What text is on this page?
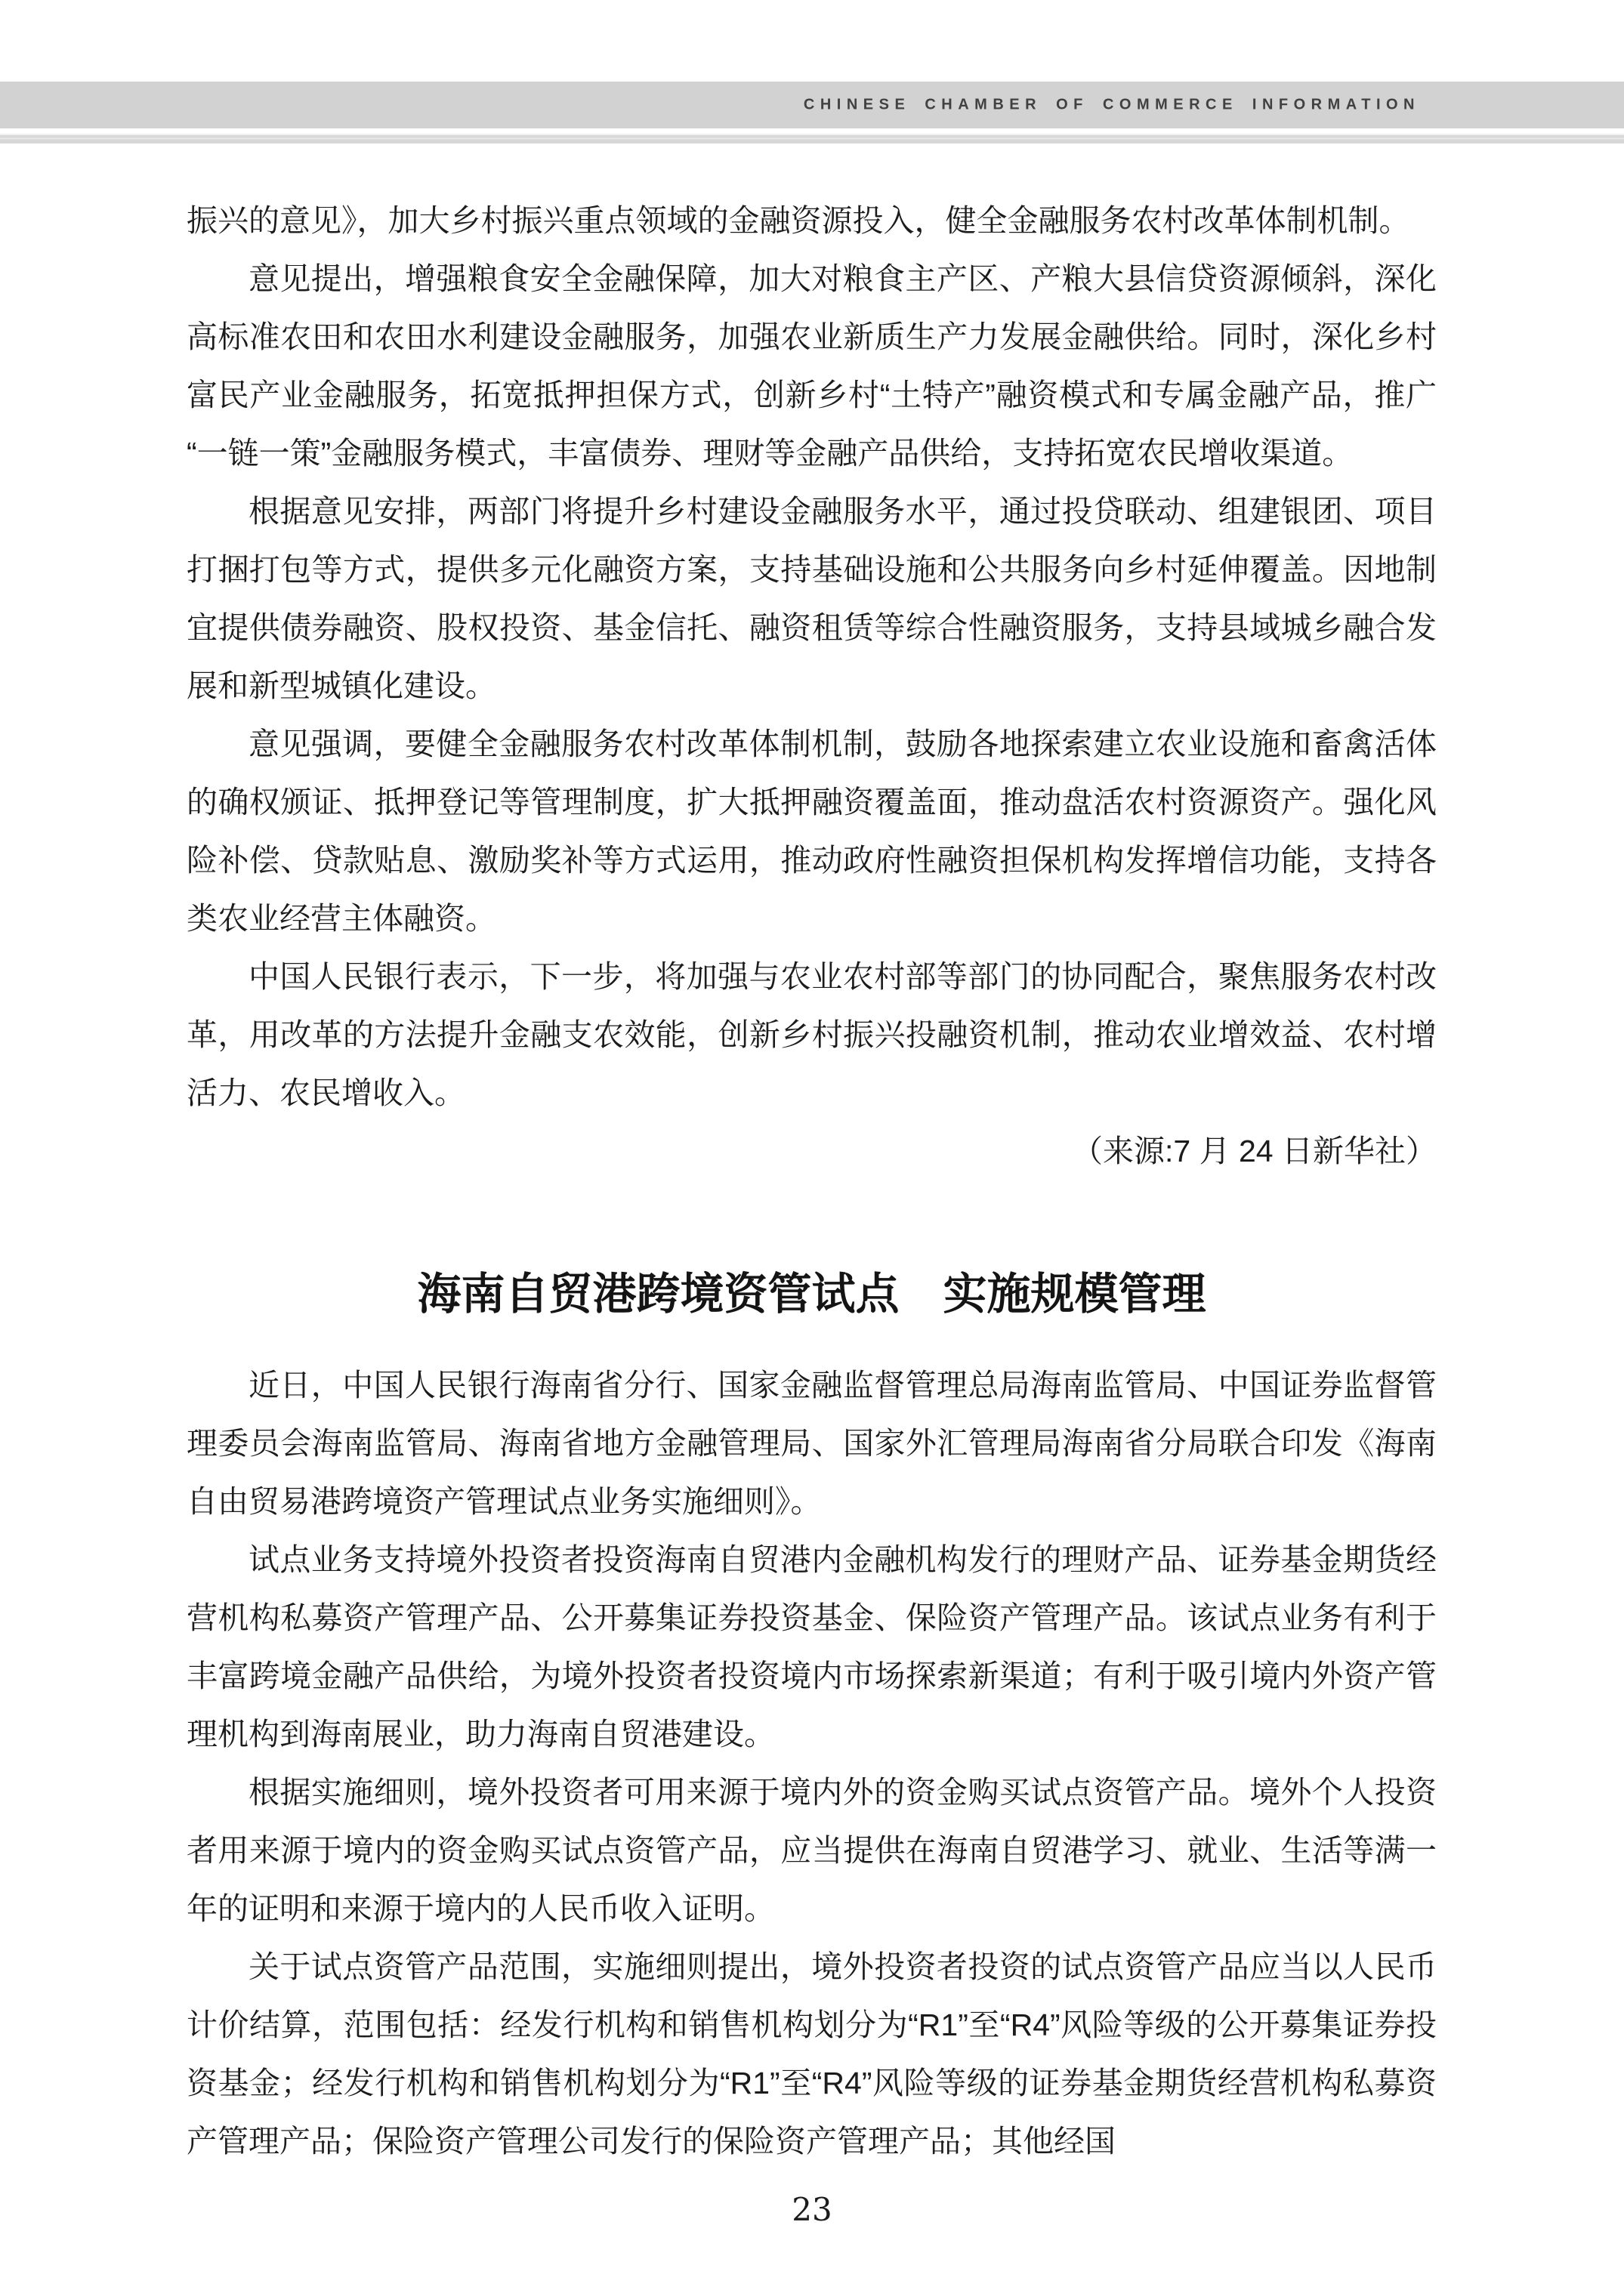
CHINESE CHAMBER OF COMMERCE INFORMATION

振兴的意见》，加大乡村振兴重点领域的金融资源投入，健全金融服务农村改革体制机制。

意见提出，增强粮食安全金融保障，加大对粮食主产区、产粮大县信贷资源倾斜，深化高标准农田和农田水利建设金融服务，加强农业新质生产力发展金融供给。同时，深化乡村富民产业金融服务，拓宽抵押担保方式，创新乡村“土特产”融资模式和专属金融产品，推广“一链一策”金融服务模式，丰富债券、理财等金融产品供给，支持拓宽农民增收渠道。

根据意见安排，两部门将提升乡村建设金融服务水平，通过投贷联动、组建银团、项目打捆打包等方式，提供多元化融资方案，支持基础设施和公共服务向乡村延伸覆盖。因地制宜提供债券融资、股权投资、基金信托、融资租赁等综合性融资服务，支持县域城乡融合发展和新型城镇化建设。

意见强调，要健全金融服务农村改革体制机制，鼓励各地探索建立农业设施和畜禽活体的确权颁证、抵押登记等管理制度，扩大抵押融资覆盖面，推动盘活农村资源资产。强化风险补偿、贷款贴息、激励奖补等方式运用，推动政府性融资担保机构发挥增信功能，支持各类农业经营主体融资。

中国人民银行表示，下一步，将加强与农业农村部等部门的协同配合，聚焦服务农村改革，用改革的方法提升金融支农效能，创新乡村振兴投融资机制，推动农业增效益、农村增活力、农民增收入。

（来源:7 月 24 日新华社）

海南自贸港跨境资管试点　实施规模管理

近日，中国人民银行海南省分行、国家金融监督管理总局海南监管局、中国证券监督管理委员会海南监管局、海南省地方金融管理局、国家外汇管理局海南省分局联合印发《海南自由贸易港跨境资产管理试点业务实施细则》。

试点业务支持境外投资者投资海南自贸港内金融机构发行的理财产品、证券基金期货经营机构私募资产管理产品、公开募集证券投资基金、保险资产管理产品。该试点业务有利于丰富跨境金融产品供给，为境外投资者投资境内市场探索新渠道；有利于吸引境内外资产管理机构到海南展业，助力海南自贸港建设。

根据实施细则，境外投资者可用来源于境内外的资金购买试点资管产品。境外个人投资者用来源于境内的资金购买试点资管产品，应当提供在海南自贸港学习、就业、生活等满一年的证明和来源于境内的人民币收入证明。

关于试点资管产品范围，实施细则提出，境外投资者投资的试点资管产品应当以人民币计价结算，范围包括：经发行机构和销售机构划分为“R1”至“R4”风险等级的公开募集证券投资基金；经发行机构和销售机构划分为“R1”至“R4”风险等级的证券基金期货经营机构私募资产管理产品；保险资产管理公司发行的保险资产管理产品；其他经国

23
